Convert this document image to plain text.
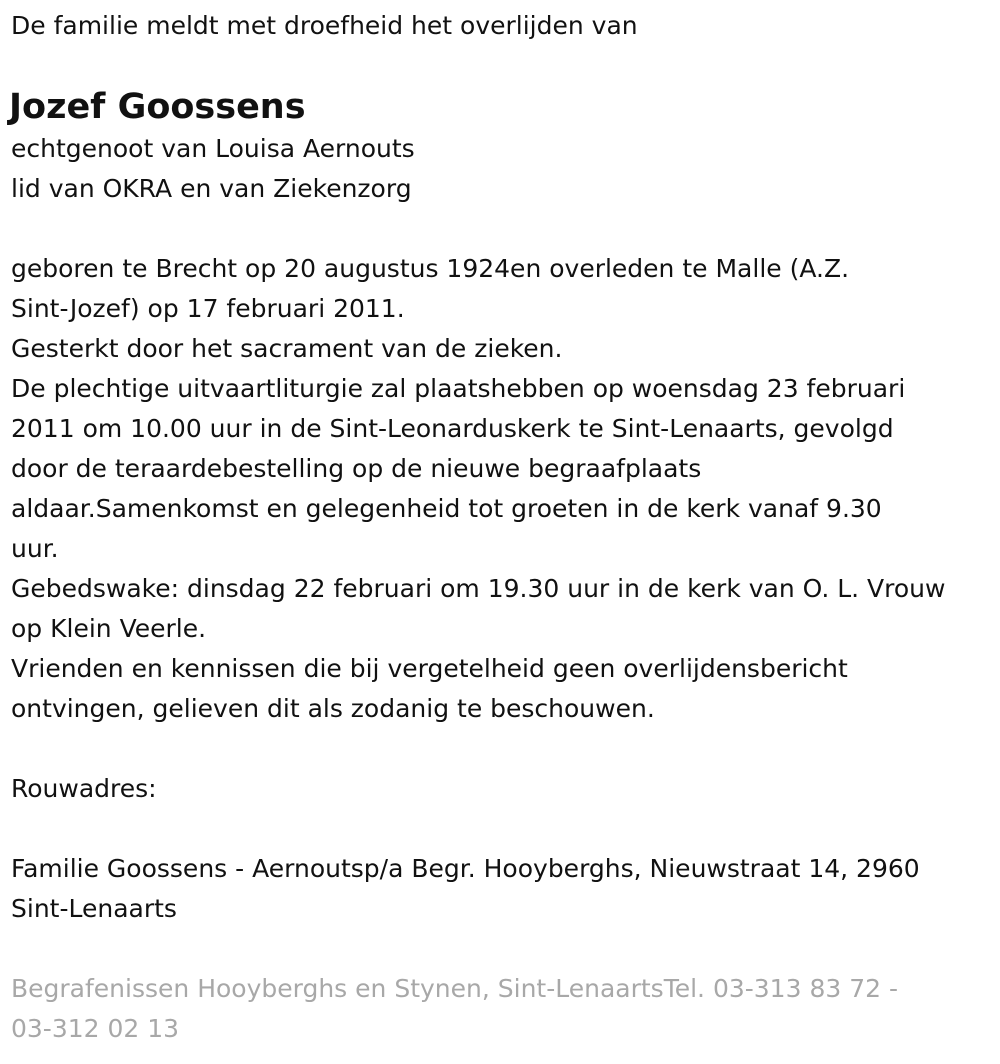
De familie meldt met droefheid het overlijden van

Jozef Goossens

echtgenoot van Louisa Aernouts

lid van OKRA en van Ziekenzorg

geboren te Brecht op 20 augustus 1924en overleden te Malle (A.Z.

Sint-Jozef) op 17 februari 2011.

Gesterkt door het sacrament van de zieken.

De plechtige uitvaartliturgie zal plaatshebben op woensdag 23 februari

2011 om 10.00 uur in de Sint-Leonarduskerk te Sint-Lenaarts, gevolgd

door de teraardebestelling op de nieuwe begraafplaats

aldaar.Samenkomst en gelegenheid tot groeten in de kerk vanaf 9.30

uur.

Gebedswake: dinsdag 22 februari om 19.30 uur in de kerk van O. L. Vrouw

op Klein Veerle.

Vrienden en kennissen die bij vergetelheid geen overlijdensbericht

ontvingen, gelieven dit als zodanig te beschouwen.

Rouwadres:

Familie Goossens - Aernoutsp/a Begr. Hooyberghs, Nieuwstraat 14, 2960

Sint-Lenaarts

Begrafenissen Hooyberghs en Stynen, Sint-LenaartsTel. 03-313 83 72 -
03-312 02 13
